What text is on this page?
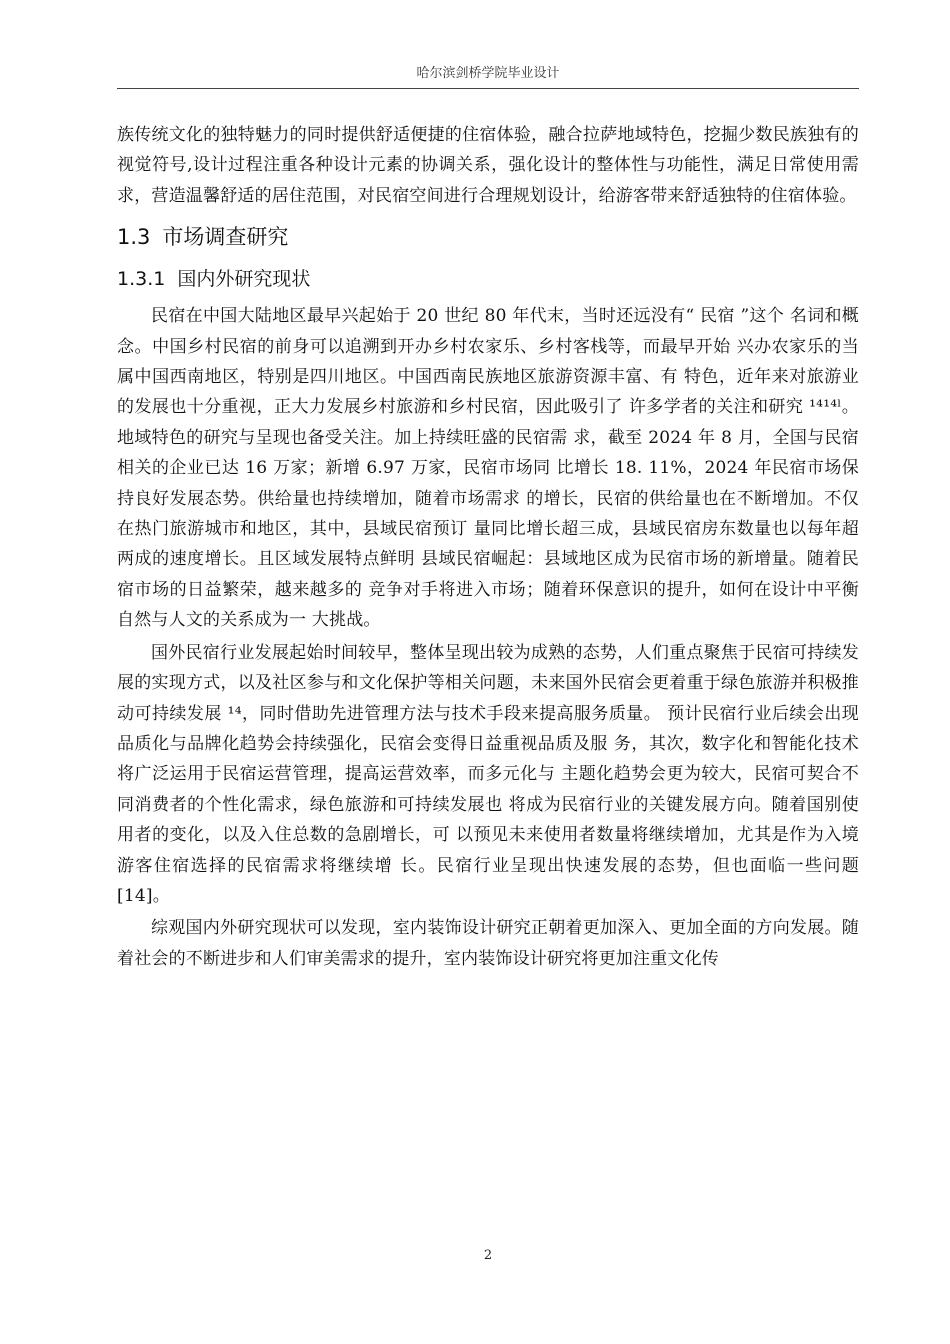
哈尔滨剑桥学院毕业设计

族传统文化的独特魅力的同时提供舒适便捷的住宿体验，融合拉萨地域特色，挖掘少数民族独有的视觉符号,设计过程注重各种设计元素的协调关系，强化设计的整体性与功能性，满足日常使用需求，营造温馨舒适的居住范围，对民宿空间进行合理规划设计，给游客带来舒适独特的住宿体验。

1.3 市场调查研究
1.3.1 国内外研究现状

民宿在中国大陆地区最早兴起始于 20 世纪 80 年代末，当时还远没有“ 民宿 ”这个 名词和概念。中国乡村民宿的前身可以追溯到开办乡村农家乐、乡村客栈等，而最早开始 兴办农家乐的当属中国西南地区，特别是四川地区。中国西南民族地区旅游资源丰富、有 特色，近年来对旅游业的发展也十分重视，正大力发展乡村旅游和乡村民宿，因此吸引了 许多学者的关注和研究 ¹⁴¹⁴ˡ。地域特色的研究与呈现也备受关注。加上持续旺盛的民宿需 求，截至 2024 年 8 月，全国与民宿相关的企业已达 16 万家；新增 6.97 万家，民宿市场同 比增长 18. 11%，2024 年民宿市场保持良好发展态势。供给量也持续增加，随着市场需求 的增长，民宿的供给量也在不断增加。不仅在热门旅游城市和地区，其中，县域民宿预订 量同比增长超三成，县域民宿房东数量也以每年超两成的速度增长。且区域发展特点鲜明 县域民宿崛起：县域地区成为民宿市场的新增量。随着民宿市场的日益繁荣，越来越多的 竞争对手将进入市场；随着环保意识的提升，如何在设计中平衡自然与人文的关系成为一 大挑战。

国外民宿行业发展起始时间较早，整体呈现出较为成熟的态势，人们重点聚焦于民宿可持续发展的实现方式，以及社区参与和文化保护等相关问题，未来国外民宿会更着重于绿色旅游并积极推动可持续发展 ¹⁴，同时借助先进管理方法与技术手段来提高服务质量。 预计民宿行业后续会出现品质化与品牌化趋势会持续强化，民宿会变得日益重视品质及服 务，其次，数字化和智能化技术将广泛运用于民宿运营管理，提高运营效率，而多元化与 主题化趋势会更为较大，民宿可契合不同消费者的个性化需求，绿色旅游和可持续发展也 将成为民宿行业的关键发展方向。随着国别使用者的变化，以及入住总数的急剧增长，可 以预见未来使用者数量将继续增加，尤其是作为入境游客住宿选择的民宿需求将继续增 长。民宿行业呈现出快速发展的态势，但也面临一些问题[14]。

综观国内外研究现状可以发现，室内装饰设计研究正朝着更加深入、更加全面的方向发展。随着社会的不断进步和人们审美需求的提升，室内装饰设计研究将更加注重文化传

2
